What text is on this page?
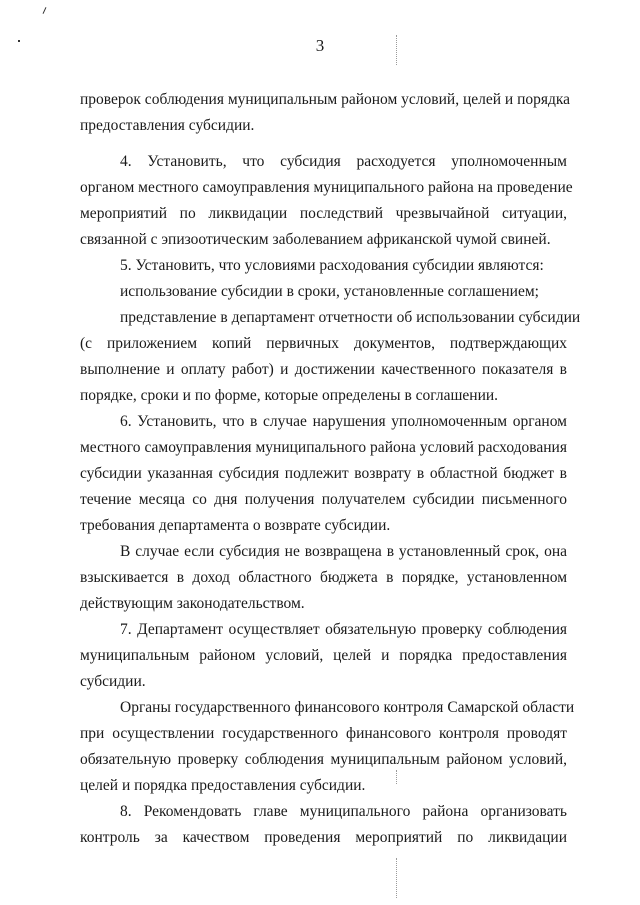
3
проверок соблюдения муниципальным районом условий, целей и порядка
предоставления субсидии.
4. Установить, что субсидия расходуется уполномоченным
органом местного самоуправления муниципального района на проведение
мероприятий по ликвидации последствий чрезвычайной ситуации,
связанной с эпизоотическим заболеванием африканской чумой свиней.
5. Установить, что условиями расходования субсидии являются:
использование субсидии в сроки, установленные соглашением;
представление в департамент отчетности об использовании субсидии
(с приложением копий первичных документов, подтверждающих
выполнение и оплату работ) и достижении качественного показателя в
порядке, сроки и по форме, которые определены в соглашении.
6. Установить, что в случае нарушения уполномоченным органом
местного самоуправления муниципального района условий расходования
субсидии указанная субсидия подлежит возврату в областной бюджет в
течение месяца со дня получения получателем субсидии письменного
требования департамента о возврате субсидии.
В случае если субсидия не возвращена в установленный срок, она
взыскивается в доход областного бюджета в порядке, установленном
действующим законодательством.
7. Департамент осуществляет обязательную проверку соблюдения
муниципальным районом условий, целей и порядка предоставления
субсидии.
Органы государственного финансового контроля Самарской области
при осуществлении государственного финансового контроля проводят
обязательную проверку соблюдения муниципальным районом условий,
целей и порядка предоставления субсидии.
8. Рекомендовать главе муниципального района организовать
контроль за качеством проведения мероприятий по ликвидации
